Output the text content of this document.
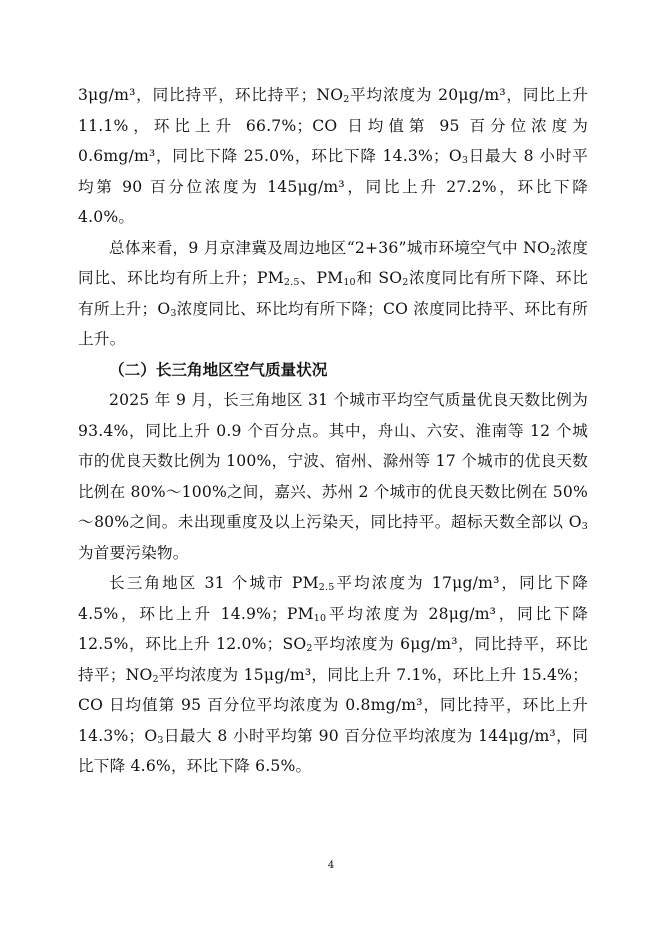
3μg/m³，同比持平，环比持平；$NO_2$平均浓度为 20μg/m³，同比上升 11.1%，环比上升 66.7%；CO 日均值第 95 百分位浓度为 0.6mg/m³，同比下降 25.0%，环比下降 14.3%；$O_3$日最大 8 小时平均第 90 百分位浓度为 145μg/m³，同比上升 27.2%，环比下降 4.0%。

总体来看，9 月京津冀及周边地区“2+36”城市环境空气中 $NO_2$浓度同比、环比均有所上升；$PM_{2.5}$、$PM_{10}$和 $SO_2$浓度同比有所下降、环比有所上升；$O_3$浓度同比、环比均有所下降；CO 浓度同比持平、环比有所上升。

（二）长三角地区空气质量状况

2025 年 9 月，长三角地区 31 个城市平均空气质量优良天数比例为 93.4%，同比上升 0.9 个百分点。其中，舟山、六安、淮南等 12 个城市的优良天数比例为 100%，宁波、宿州、滁州等 17 个城市的优良天数比例在 80%～100%之间，嘉兴、苏州 2 个城市的优良天数比例在 50%～80%之间。未出现重度及以上污染天，同比持平。超标天数全部以 $O_3$为首要污染物。

长三角地区 31 个城市 $PM_{2.5}$平均浓度为 17μg/m³，同比下降 4.5%，环比上升 14.9%；$PM_{10}$平均浓度为 28μg/m³，同比下降 12.5%，环比上升 12.0%；$SO_2$平均浓度为 6μg/m³，同比持平，环比持平；$NO_2$平均浓度为 15μg/m³，同比上升 7.1%，环比上升 15.4%；CO 日均值第 95 百分位平均浓度为 0.8mg/m³，同比持平，环比上升 14.3%；$O_3$日最大 8 小时平均第 90 百分位平均浓度为 144μg/m³，同比下降 4.6%，环比下降 6.5%。

4
